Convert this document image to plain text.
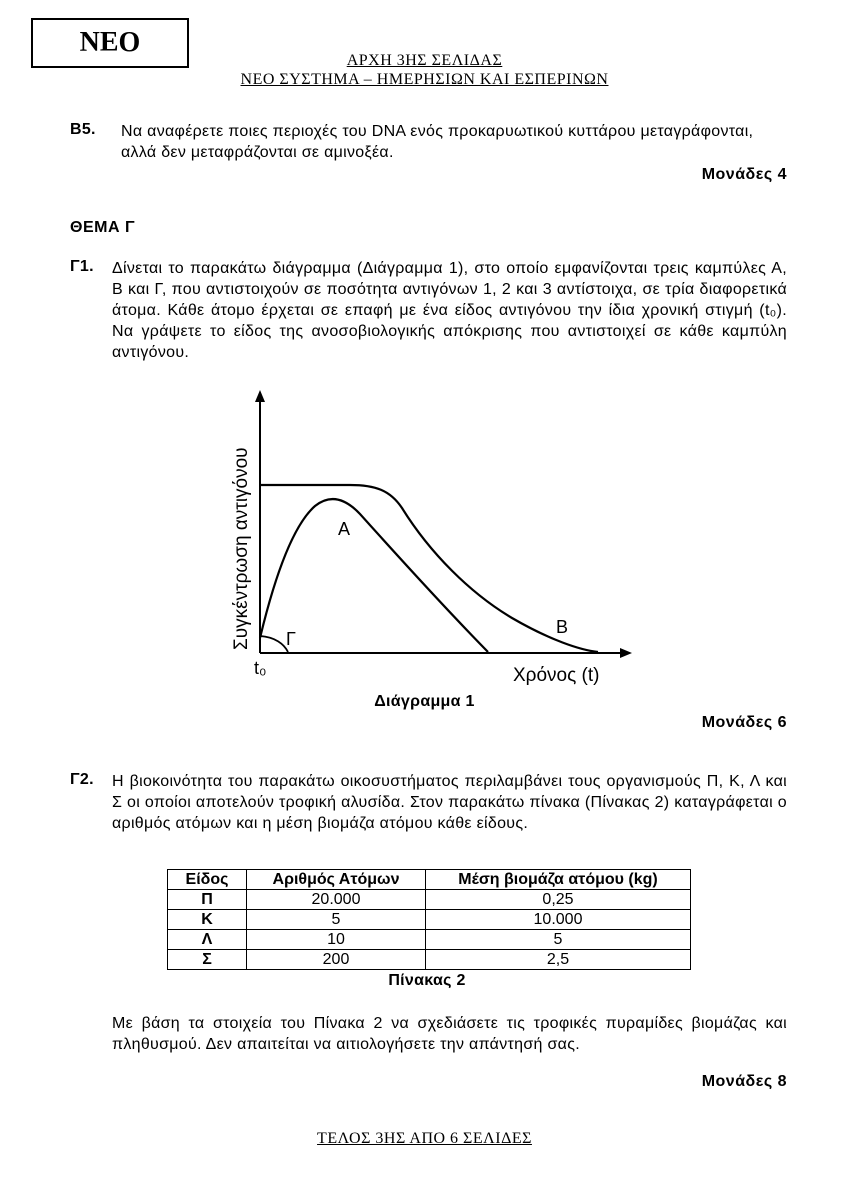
ΝΕΟ
ΑΡΧΗ 3ΗΣ ΣΕΛΙΔΑΣ
ΝΕΟ ΣΥΣΤΗΜΑ – ΗΜΕΡΗΣΙΩΝ ΚΑΙ ΕΣΠΕΡΙΝΩΝ
Β5. Να αναφέρετε ποιες περιοχές του DNA ενός προκαρυωτικού κυττάρου μεταγράφονται, αλλά δεν μεταφράζονται σε αμινοξέα.
Μονάδες 4
ΘΕΜΑ Γ
Γ1. Δίνεται το παρακάτω διάγραμμα (Διάγραμμα 1), στο οποίο εμφανίζονται τρεις καμπύλες Α, Β και Γ, που αντιστοιχούν σε ποσότητα αντιγόνων 1, 2 και 3 αντίστοιχα, σε τρία διαφορετικά άτομα. Κάθε άτομο έρχεται σε επαφή με ένα είδος αντιγόνου την ίδια χρονική στιγμή (t₀). Να γράψετε το είδος της ανοσοβιολογικής απόκρισης που αντιστοιχεί σε κάθε καμπύλη αντιγόνου.
Α
Β
Γ
t₀	Χρόνος (t)
Συγκέντρωση αντιγόνου
Διάγραμμα 1
Μονάδες 6
Γ2. Η βιοκοινότητα του παρακάτω οικοσυστήματος περιλαμβάνει τους οργανισμούς Π, Κ, Λ και Σ οι οποίοι αποτελούν τροφική αλυσίδα. Στον παρακάτω πίνακα (Πίνακας 2) καταγράφεται ο αριθμός ατόμων και η μέση βιομάζα ατόμου κάθε είδους.
Είδος	Αριθμός Ατόμων	Μέση βιομάζα ατόμου (kg)
Π	20.000	0,25
Κ	5	10.000
Λ	10	5
Σ	200	2,5
Πίνακας 2
Με βάση τα στοιχεία του Πίνακα 2 να σχεδιάσετε τις τροφικές πυραμίδες βιομάζας και πληθυσμού. Δεν απαιτείται να αιτιολογήσετε την απάντησή σας.
Μονάδες 8
ΤΕΛΟΣ 3ΗΣ ΑΠΟ 6 ΣΕΛΙΔΕΣ
